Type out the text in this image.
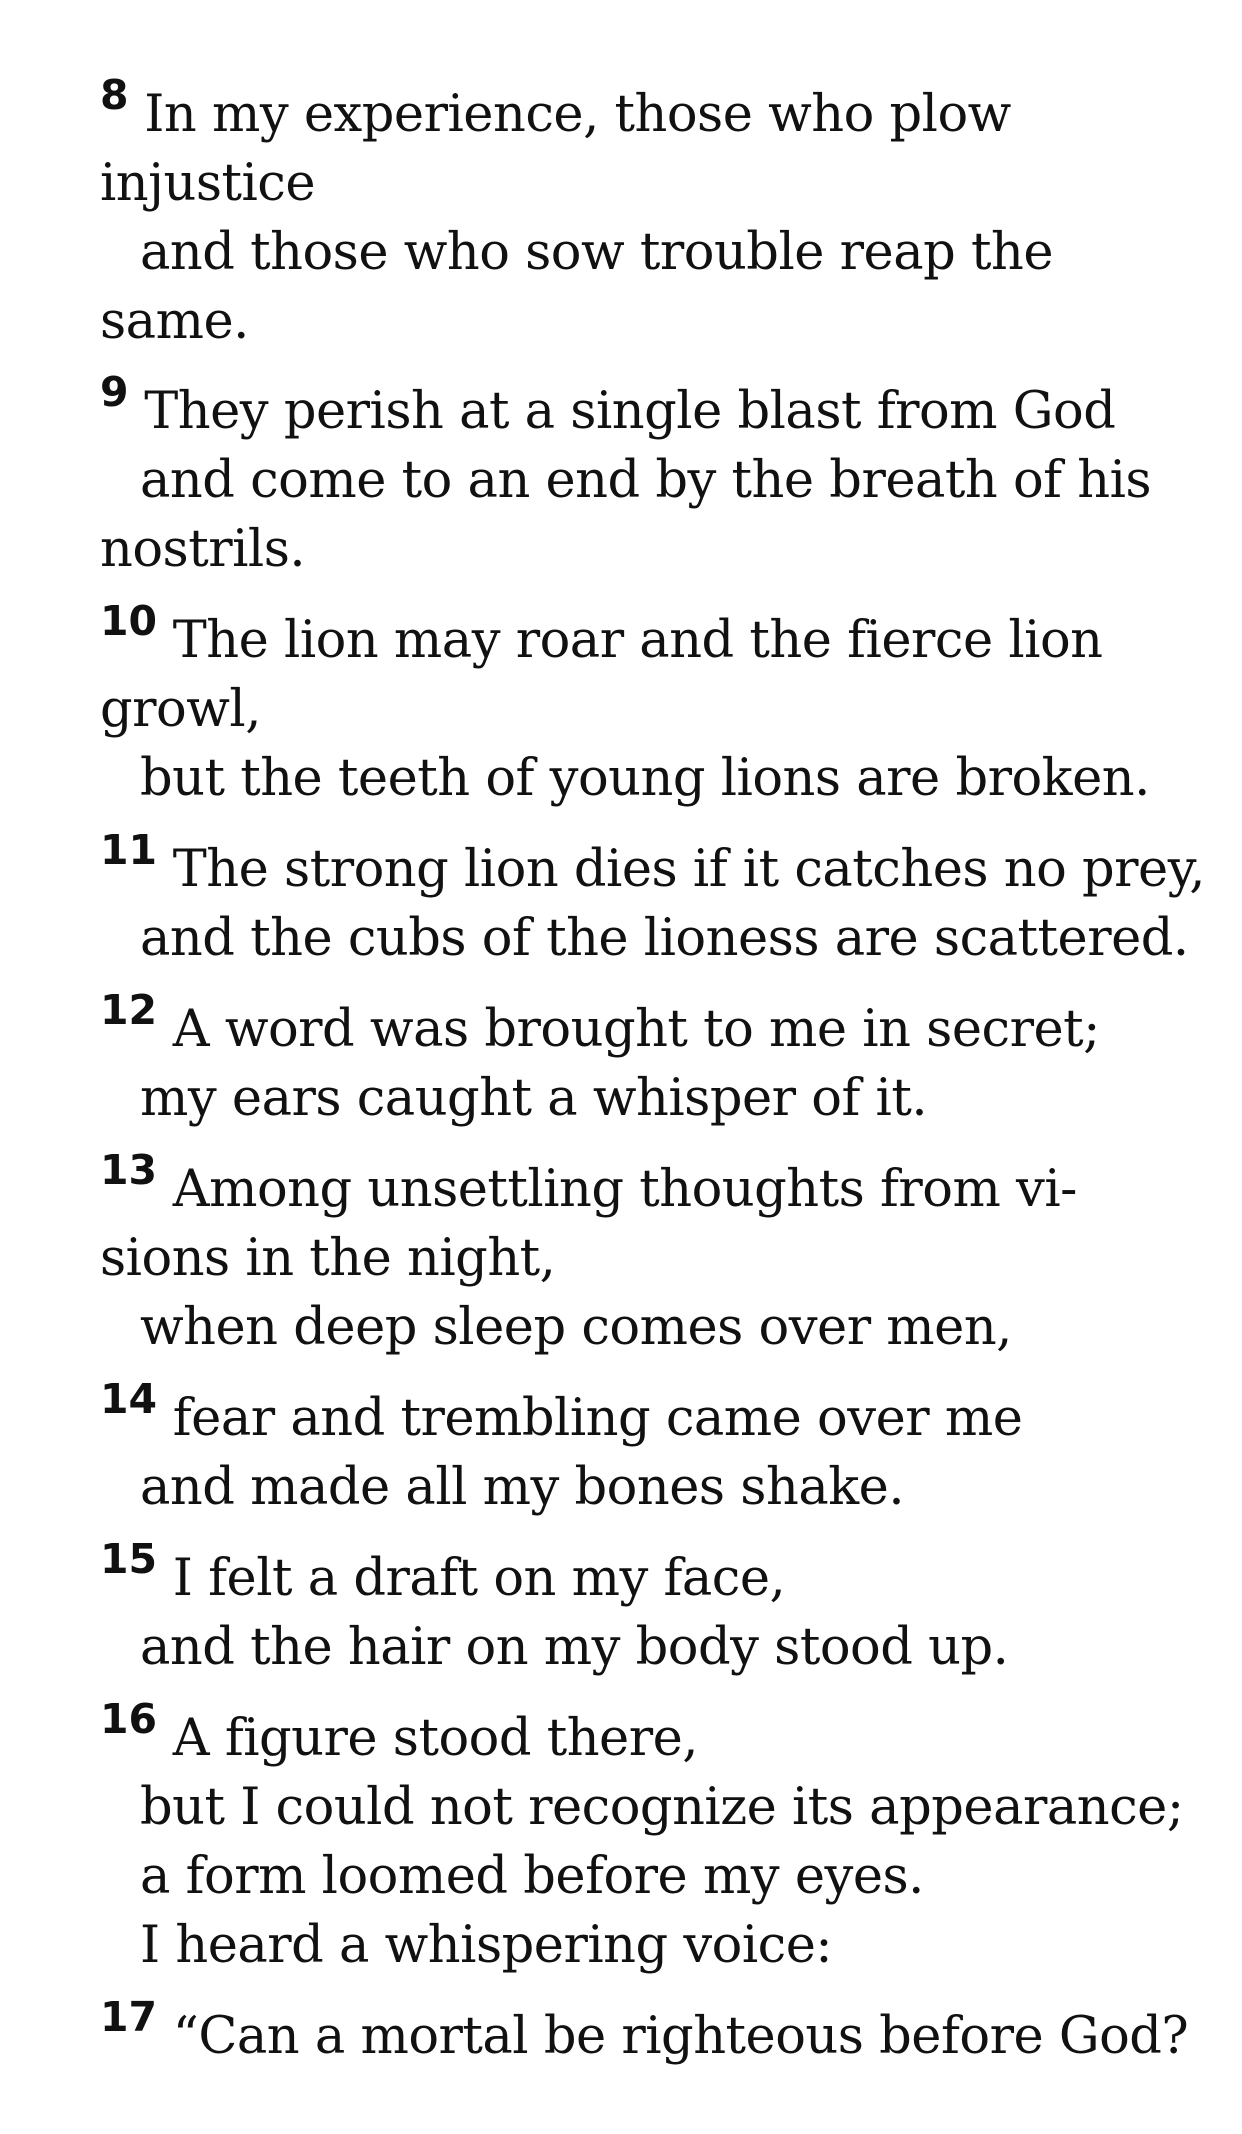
$^8$ In my experience, those who plow
injustice
and those who sow trouble reap the
same.
$^9$ They perish at a single blast from God
and come to an end by the breath of his
nostrils.
$^{10}$ The lion may roar and the fierce lion
growl,
but the teeth of young lions are broken.
$^{11}$ The strong lion dies if it catches no prey,
and the cubs of the lioness are scattered.
$^{12}$ A word was brought to me in secret;
my ears caught a whisper of it.
$^{13}$ Among unsettling thoughts from vi-
sions in the night,
when deep sleep comes over men,
$^{14}$ fear and trembling came over me
and made all my bones shake.
$^{15}$ I felt a draft on my face,
and the hair on my body stood up.
$^{16}$ A figure stood there,
but I could not recognize its appearance;
a form loomed before my eyes.
I heard a whispering voice:
$^{17}$ “Can a mortal be righteous before God?
